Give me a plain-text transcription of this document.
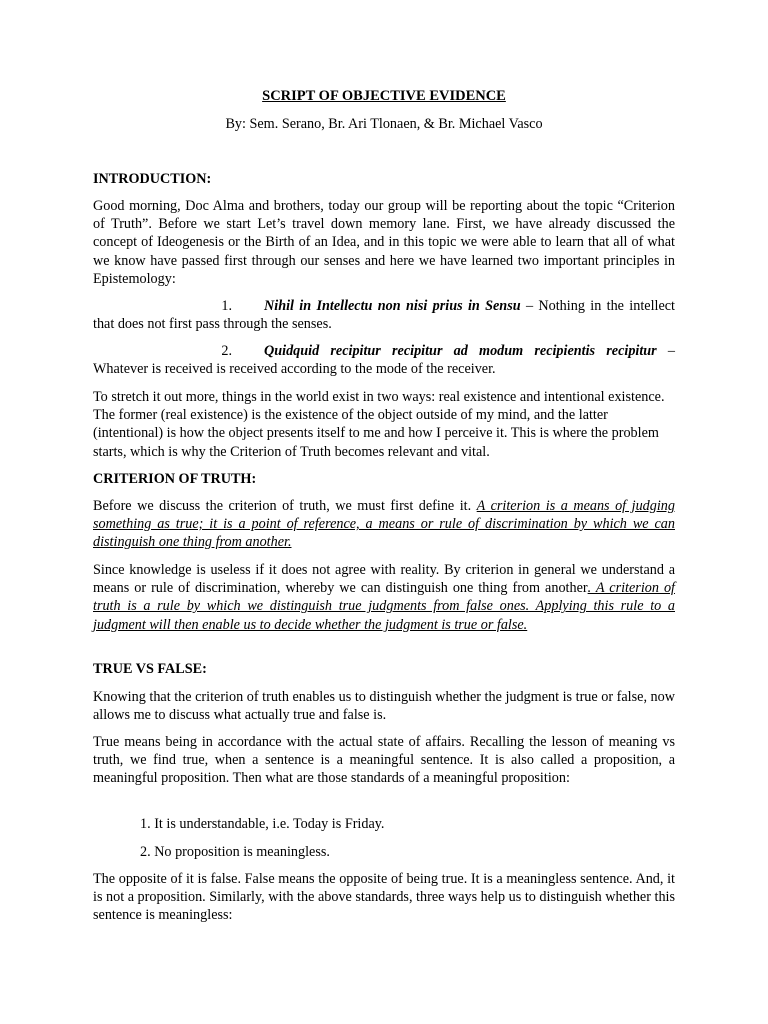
SCRIPT OF OBJECTIVE EVIDENCE

By: Sem. Serano, Br. Ari Tlonaen, & Br. Michael Vasco

INTRODUCTION:

Good morning, Doc Alma and brothers, today our group will be reporting about the topic “Criterion of Truth”. Before we start Let’s travel down memory lane. First, we have already discussed the concept of Ideogenesis or the Birth of an Idea, and in this topic we were able to learn that all of what we know have passed first through our senses and here we have learned two important principles in Epistemology:

1. Nihil in Intellectu non nisi prius in Sensu – Nothing in the intellect that does not first pass through the senses.

2. Quidquid recipitur recipitur ad modum recipientis recipitur – Whatever is received is received according to the mode of the receiver.

To stretch it out more, things in the world exist in two ways: real existence and intentional existence. The former (real existence) is the existence of the object outside of my mind, and the latter (intentional) is how the object presents itself to me and how I perceive it. This is where the problem starts, which is why the Criterion of Truth becomes relevant and vital.

CRITERION OF TRUTH:

Before we discuss the criterion of truth, we must first define it. A criterion is a means of judging something as true; it is a point of reference, a means or rule of discrimination by which we can distinguish one thing from another.

Since knowledge is useless if it does not agree with reality. By criterion in general we understand a means or rule of discrimination, whereby we can distinguish one thing from another. A criterion of truth is a rule by which we distinguish true judgments from false ones. Applying this rule to a judgment will then enable us to decide whether the judgment is true or false.

TRUE VS FALSE:

Knowing that the criterion of truth enables us to distinguish whether the judgment is true or false, now allows me to discuss what actually true and false is.

True means being in accordance with the actual state of affairs. Recalling the lesson of meaning vs truth, we find true, when a sentence is a meaningful sentence. It is also called a proposition, a meaningful proposition. Then what are those standards of a meaningful proposition:

1. It is understandable, i.e. Today is Friday.

2. No proposition is meaningless.

The opposite of it is false. False means the opposite of being true. It is a meaningless sentence. And, it is not a proposition. Similarly, with the above standards, three ways help us to distinguish whether this sentence is meaningless:
